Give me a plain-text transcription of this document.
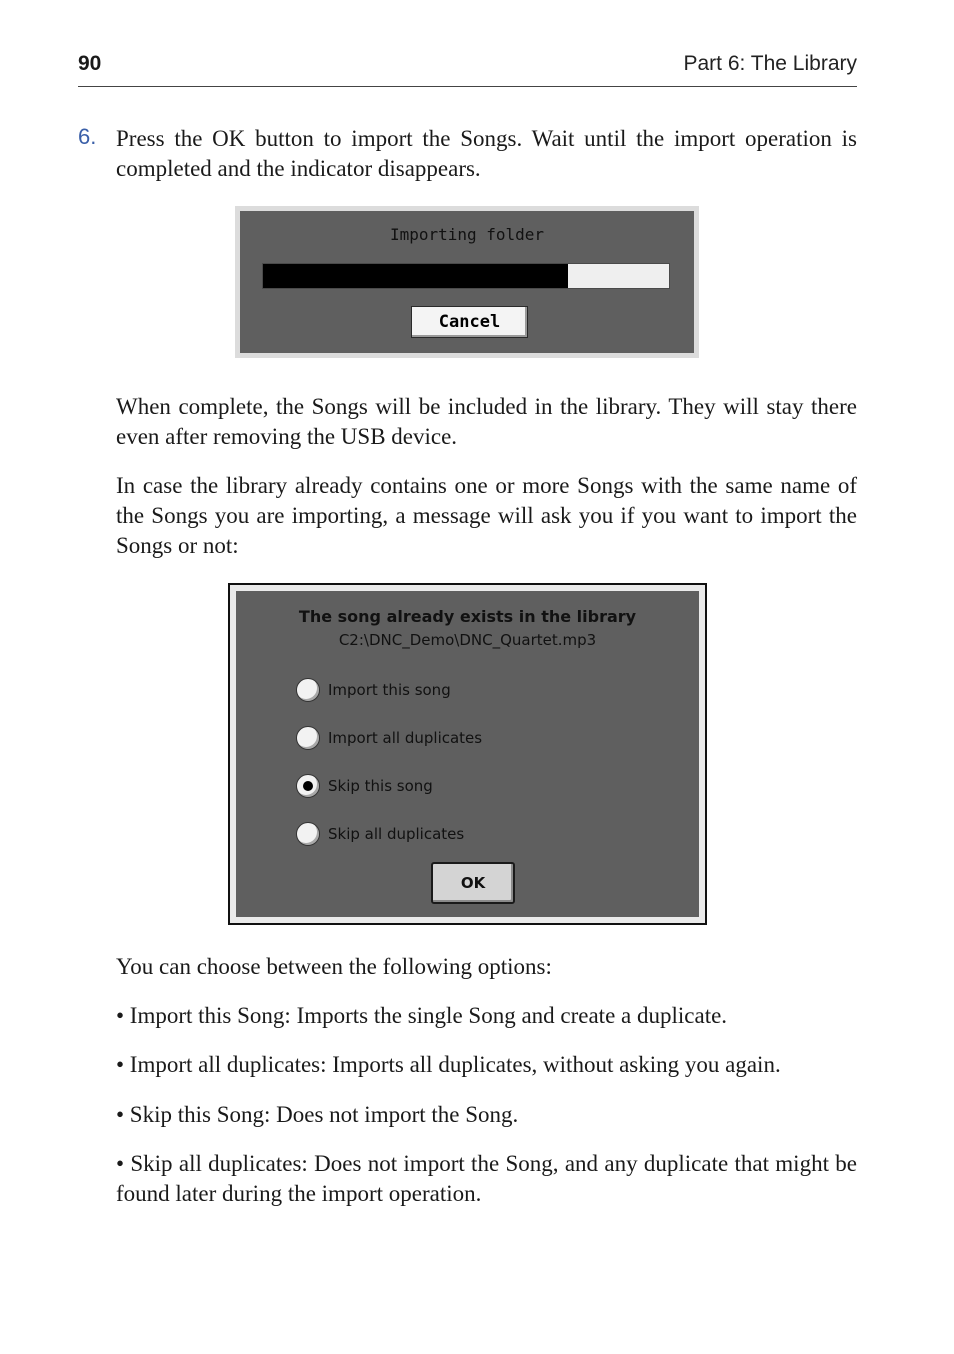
90	Part 6: The Library
6. Press the OK button to import the Songs. Wait until the import operation is completed and the indicator disappears.
Importing folder
Cancel

When complete, the Songs will be included in the library. They will stay there even after removing the USB device.

In case the library already contains one or more Songs with the same name of the Songs you are importing, a message will ask you if you want to import the Songs or not:

The song already exists in the library
C2:\DNC_Demo\DNC_Quartet.mp3
Import this song
Import all duplicates
Skip this song
Skip all duplicates
OK

You can choose between the following options:

• Import this Song: Imports the single Song and create a duplicate.

• Import all duplicates: Imports all duplicates, without asking you again.

• Skip this Song: Does not import the Song.

• Skip all duplicates: Does not import the Song, and any duplicate that might be found later during the import operation.
